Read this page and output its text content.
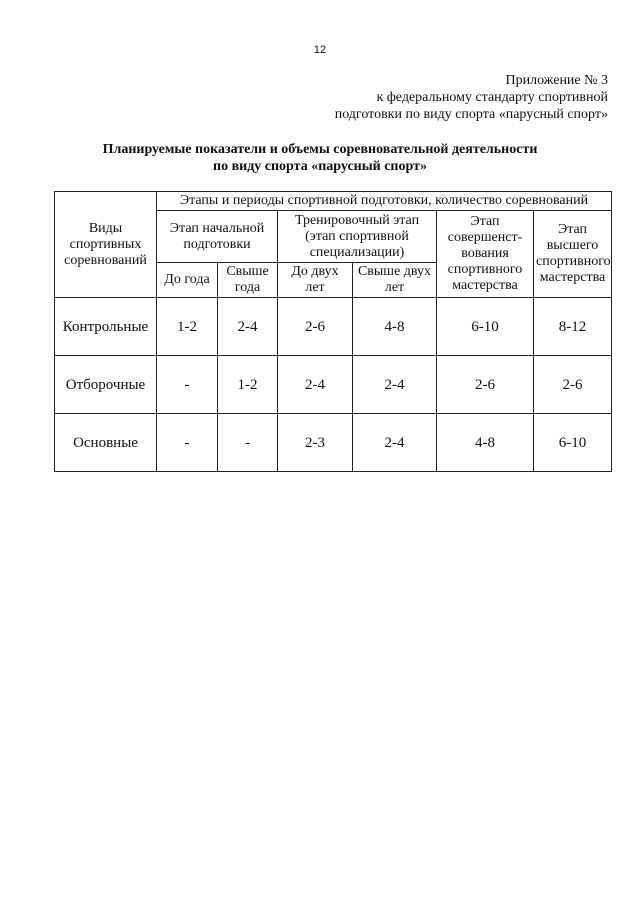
12
Приложение № 3
к федеральному стандарту спортивной
подготовки по виду спорта «парусный спорт»
Планируемые показатели и объемы соревновательной деятельности
по виду спорта «парусный спорт»
Виды спортивных соревнований	Этапы и периоды спортивной подготовки, количество соревнований					
	Этап начальной подготовки		Тренировочный этап (этап спортивной специализации)		Этап совершенст-вования спортивного мастерства	Этап высшего спортивного мастерства
	До года	Свыше года	До двух лет	Свыше двух лет		
Контрольные	1-2	2-4	2-6	4-8	6-10	8-12
Отборочные	-	1-2	2-4	2-4	2-6	2-6
Основные	-	-	2-3	2-4	4-8	6-10
